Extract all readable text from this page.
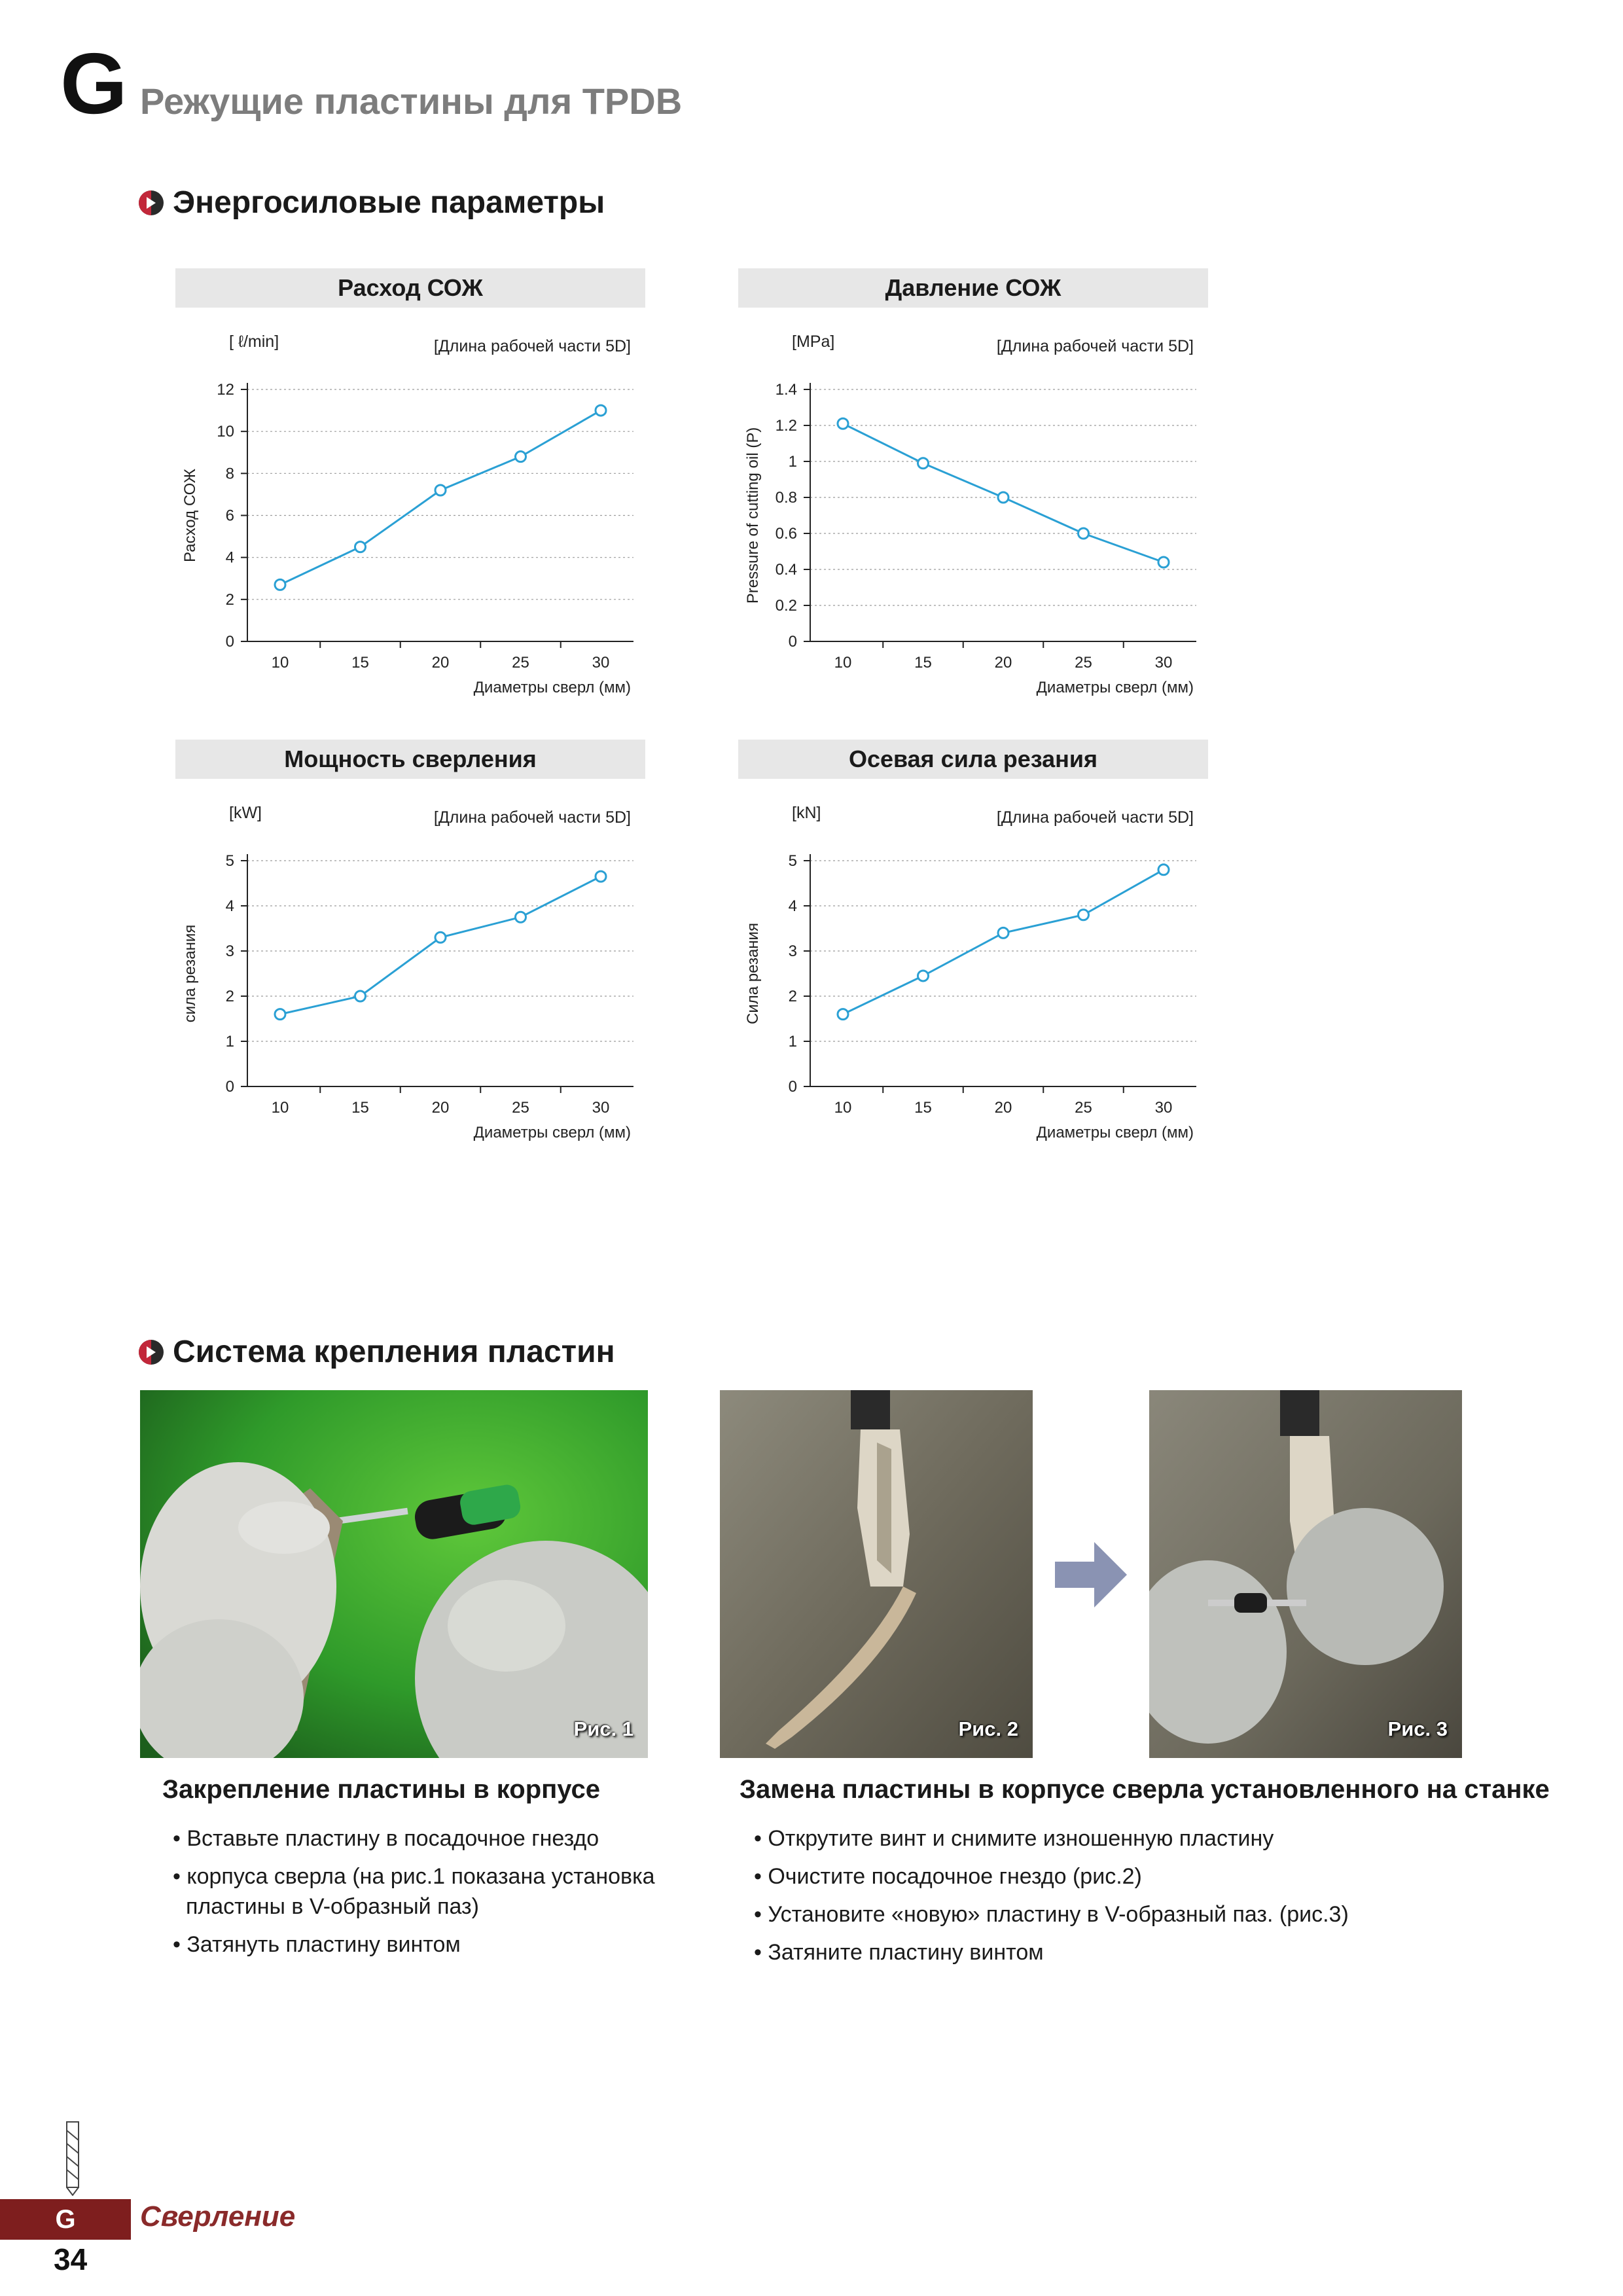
G Режущие пластины для TPDB
Энергосиловые параметры
Расход СОЖ
[ ℓ/min]	[Длина рабочей части 5D]
Расход СОЖ
0
2
4
6
8
10
12
10	15	20	25	30
Диаметры сверл (мм)
Давление СОЖ
[MPa]	[Длина рабочей части 5D]
Pressure of cutting oil (P)
0
0.2
0.4
0.6
0.8
1
1.2
1.4
10	15	20	25	30
Диаметры сверл (мм)
Мощность сверления
[kW]	[Длина рабочей части 5D]
сила резания
0
1
2
3
4
5
10	15	20	25	30
Диаметры сверл (мм)
Осевая сила резания
[kN]	[Длина рабочей части 5D]
Сила резания
0
1
2
3
4
5
10	15	20	25	30
Диаметры сверл (мм)
Система крепления пластин
Рис. 1	Рис. 2	Рис. 3
Закрепление пластины в корпусе
• Вставьте пластину в посадочное гнездо
• корпуса сверла (на рис.1 показана установка пластины в V-образный паз)
• Затянуть пластину винтом
Замена пластины в корпусе сверла установленного на станке
• Открутите винт и снимите изношенную пластину
• Очистите посадочное гнездо (рис.2)
• Установите «новую» пластину в V-образный паз. (рис.3)
• Затяните пластину винтом
G	Сверление
34
